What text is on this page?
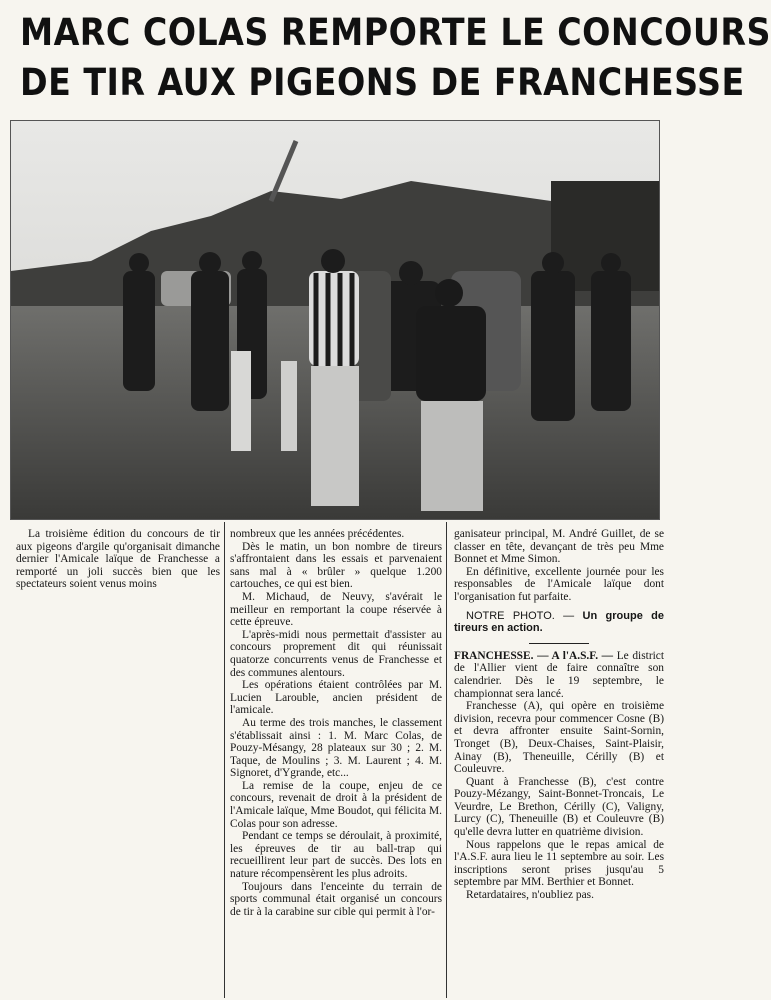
MARC COLAS REMPORTE LE CONCOURS
DE TIR AUX PIGEONS DE FRANCHESSE

La troisième édition du concours de tir aux pigeons d'argile qu'organisait dimanche dernier l'Amicale laïque de Franchesse a remporté un joli succès bien que les spectateurs soient venus moins

nombreux que les années précédentes.

Dès le matin, un bon nombre de tireurs s'affrontaient dans les essais et parvenaient sans mal à « brûler » quelque 1.200 cartouches, ce qui est bien.

M. Michaud, de Neuvy, s'avérait le meilleur en remportant la coupe réservée à cette épreuve.

L'après-midi nous permettait d'assister au concours proprement dit qui réunissait quatorze concurrents venus de Franchesse et des communes alentours.

Les opérations étaient contrôlées par M. Lucien Larouble, ancien président de l'amicale.

Au terme des trois manches, le classement s'établissait ainsi : 1. M. Marc Colas, de Pouzy-Mésangy, 28 plateaux sur 30 ; 2. M. Taque, de Moulins ; 3. M. Laurent ; 4. M. Signoret, d'Ygrande, etc...

La remise de la coupe, enjeu de ce concours, revenait de droit à la président de l'Amicale laïque, Mme Boudot, qui félicita M. Colas pour son adresse.

Pendant ce temps se déroulait, à proximité, les épreuves de tir au ball-trap qui recueillirent leur part de succès. Des lots en nature récompensèrent les plus adroits.

Toujours dans l'enceinte du terrain de sports communal était organisé un concours de tir à la carabine sur cible qui permit à l'or-

ganisateur principal, M. André Guillet, de se classer en tête, devançant de très peu Mme Bonnet et Mme Simon.

En définitive, excellente journée pour les responsables de l'Amicale laïque dont l'organisation fut parfaite.

NOTRE PHOTO. — Un groupe de tireurs en action.

FRANCHESSE. — A l'A.S.F. — Le district de l'Allier vient de faire connaître son calendrier. Dès le 19 septembre, le championnat sera lancé.

Franchesse (A), qui opère en troisième division, recevra pour commencer Cosne (B) et devra affronter ensuite Saint-Sornin, Tronget (B), Deux-Chaises, Saint-Plaisir, Ainay (B), Theneuille, Cérilly (B) et Couleuvre.

Quant à Franchesse (B), c'est contre Pouzy-Mézangy, Saint-Bonnet-Troncais, Le Veurdre, Le Brethon, Cérilly (C), Valigny, Lurcy (C), Theneuille (B) et Couleuvre (B) qu'elle devra lutter en quatrième division.

Nous rappelons que le repas amical de l'A.S.F. aura lieu le 11 septembre au soir. Les inscriptions seront prises jusqu'au 5 septembre par MM. Berthier et Bonnet.

Retardataires, n'oubliez pas.
